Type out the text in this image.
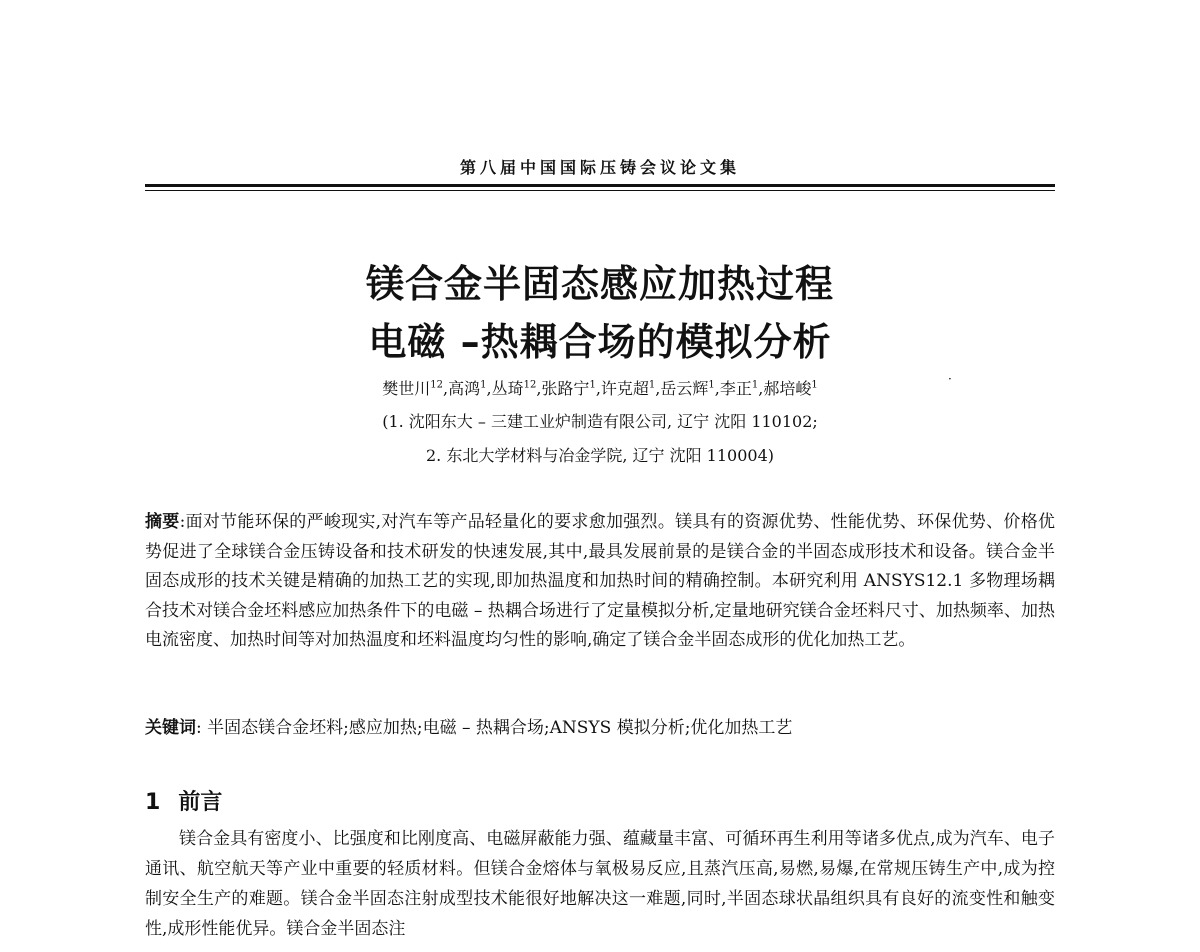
第八届中国国际压铸会议论文集
镁合金半固态感应加热过程
电磁 –热耦合场的模拟分析
樊世川$^{12}$,高鸿$^1$,丛琦$^{12}$,张路宁$^1$,许克超$^1$,岳云辉$^1$,李正$^1$,郝培峻$^1$	·
(1. 沈阳东大 – 三建工业炉制造有限公司, 辽宁 沈阳 110102;
2. 东北大学材料与冶金学院, 辽宁 沈阳 110004)
摘要:面对节能环保的严峻现实,对汽车等产品轻量化的要求愈加强烈。镁具有的资源优势、性能优势、环保优势、价格优势促进了全球镁合金压铸设备和技术研发的快速发展,其中,最具发展前景的是镁合金的半固态成形技术和设备。镁合金半固态成形的技术关键是精确的加热工艺的实现,即加热温度和加热时间的精确控制。本研究利用 ANSYS12.1 多物理场耦合技术对镁合金坯料感应加热条件下的电磁 – 热耦合场进行了定量模拟分析,定量地研究镁合金坯料尺寸、加热频率、加热电流密度、加热时间等对加热温度和坯料温度均匀性的影响,确定了镁合金半固态成形的优化加热工艺。
关键词: 半固态镁合金坯料;感应加热;电磁 – 热耦合场;ANSYS 模拟分析;优化加热工艺
1 前言
镁合金具有密度小、比强度和比刚度高、电磁屏蔽能力强、蕴藏量丰富、可循环再生利用等诸多优点,成为汽车、电子通讯、航空航天等产业中重要的轻质材料。但镁合金熔体与氧极易反应,且蒸汽压高,易燃,易爆,在常规压铸生产中,成为控制安全生产的难题。镁合金半固态注射成型技术能很好地解决这一难题,同时,半固态球状晶组织具有良好的流变性和触变性,成形性能优异。镁合金半固态注
